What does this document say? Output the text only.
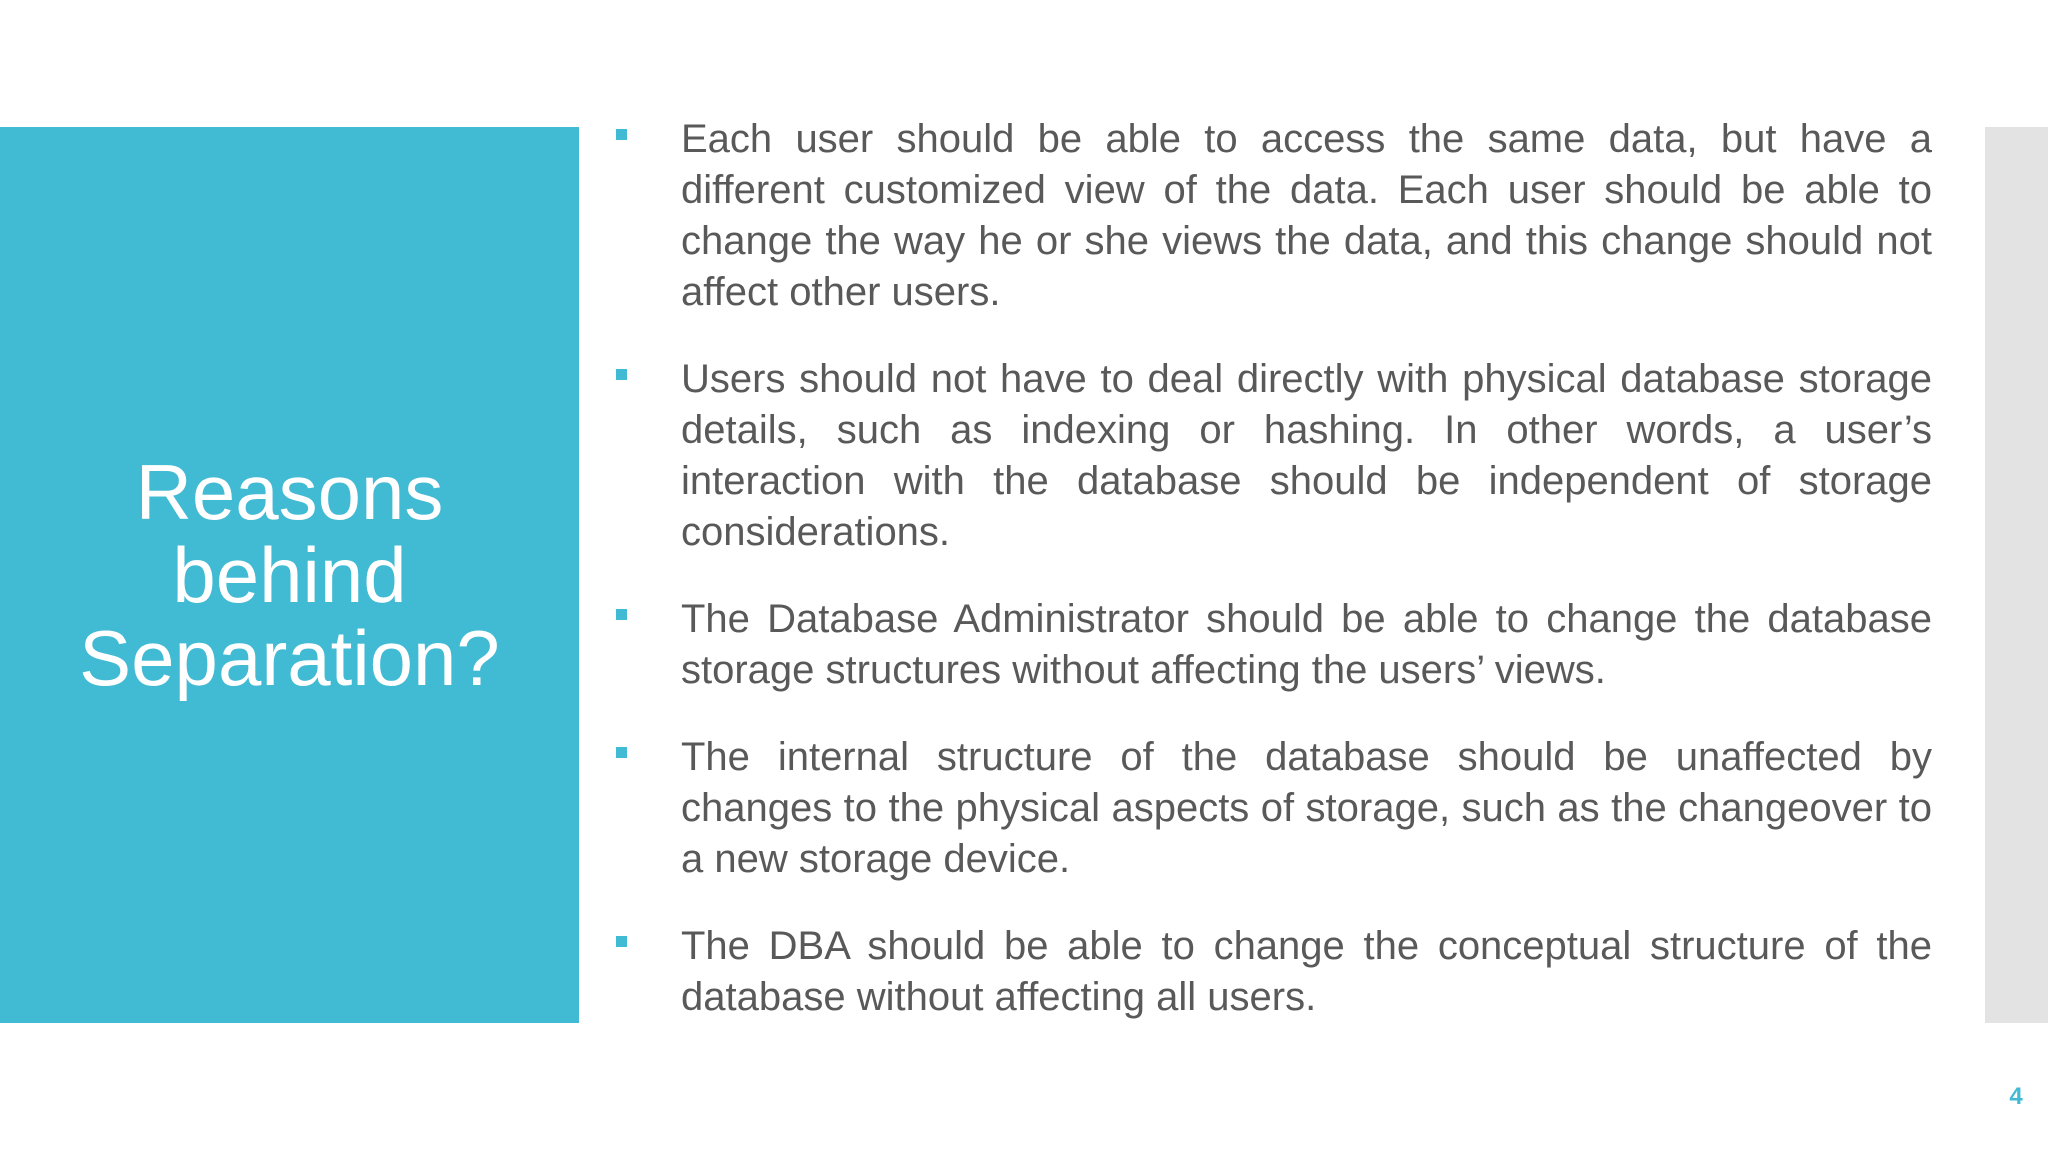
Reasons behind Separation?
Each user should be able to access the same data, but have a different customized view of the data. Each user should be able to change the way he or she views the data, and this change should not affect other users.
Users should not have to deal directly with physical database storage details, such as indexing or hashing. In other words, a user’s interaction with the database should be independent of storage considerations.
The Database Administrator should be able to change the database storage structures without affecting the users’ views.
The internal structure of the database should be unaffected by changes to the physical aspects of storage, such as the changeover to a new storage device.
The DBA should be able to change the conceptual structure of the database without affecting all users.
4
